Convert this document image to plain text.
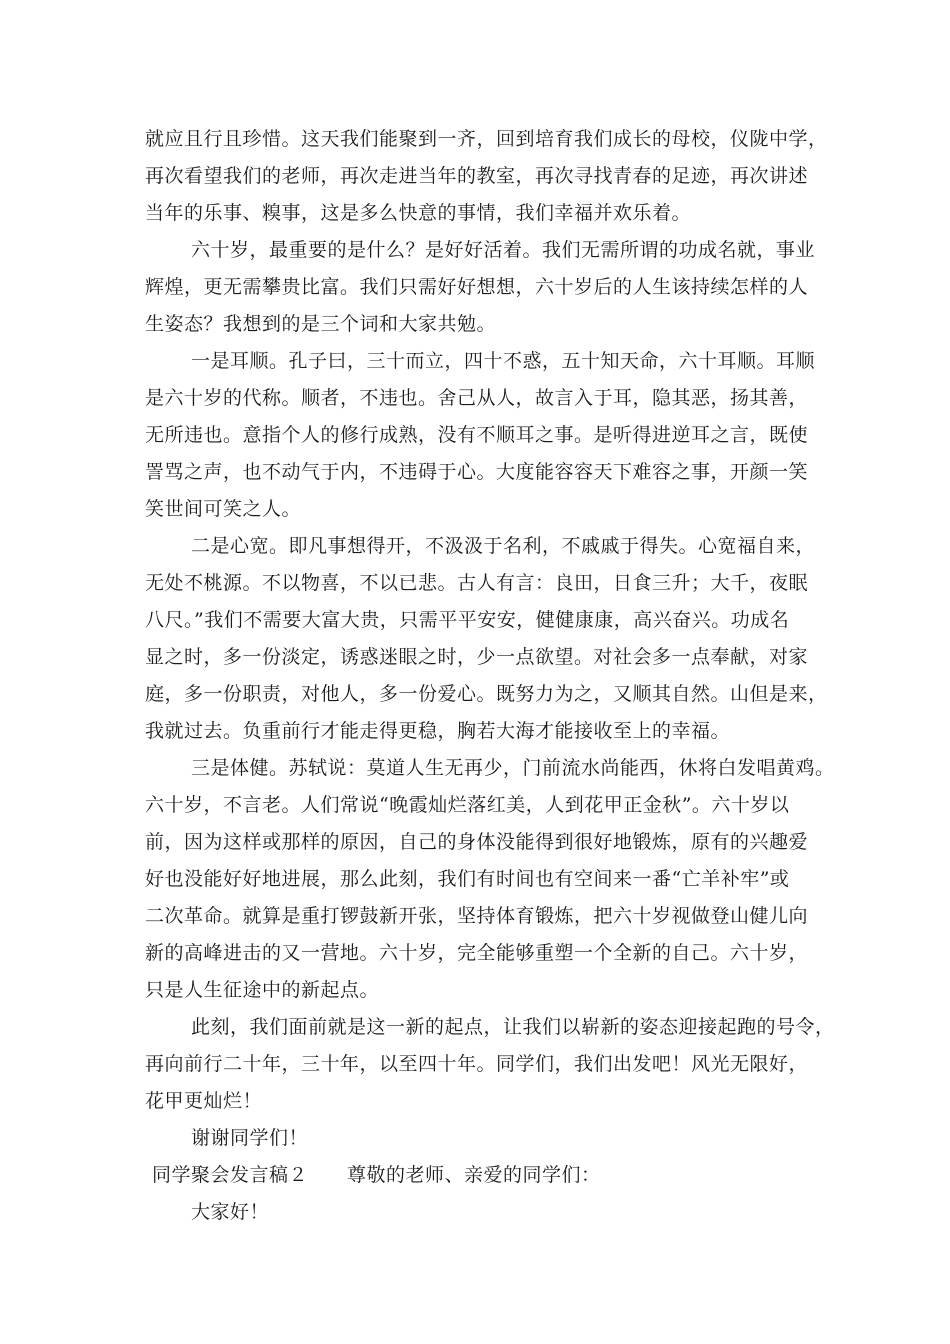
就应且行且珍惜。这天我们能聚到一齐，回到培育我们成长的母校，仪陇中学，
再次看望我们的老师，再次走进当年的教室，再次寻找青春的足迹，再次讲述
当年的乐事、糗事，这是多么快意的事情，我们幸福并欢乐着。
六十岁，最重要的是什么？是好好活着。我们无需所谓的功成名就，事业
辉煌，更无需攀贵比富。我们只需好好想想，六十岁后的人生该持续怎样的人
生姿态？我想到的是三个词和大家共勉。
一是耳顺。孔子曰，三十而立，四十不惑，五十知天命，六十耳顺。耳顺
是六十岁的代称。顺者，不违也。舍己从人，故言入于耳，隐其恶，扬其善，
无所违也。意指个人的修行成熟，没有不顺耳之事。是听得进逆耳之言，既使
詈骂之声，也不动气于内，不违碍于心。大度能容容天下难容之事，开颜一笑
笑世间可笑之人。
二是心宽。即凡事想得开，不汲汲于名利，不戚戚于得失。心宽福自来，
无处不桃源。不以物喜，不以已悲。古人有言：良田，日食三升；大千，夜眠
八尺。”我们不需要大富大贵，只需平平安安，健健康康，高兴奋兴。功成名
显之时，多一份淡定，诱惑迷眼之时，少一点欲望。对社会多一点奉献，对家
庭，多一份职责，对他人，多一份爱心。既努力为之，又顺其自然。山但是来，
我就过去。负重前行才能走得更稳，胸若大海才能接收至上的幸福。
三是体健。苏轼说：莫道人生无再少，门前流水尚能西，休将白发唱黄鸡。
六十岁，不言老。人们常说“晚霞灿烂落红美，人到花甲正金秋”。六十岁以
前，因为这样或那样的原因，自己的身体没能得到很好地锻炼，原有的兴趣爱
好也没能好好地进展，那么此刻，我们有时间也有空间来一番“亡羊补牢”或
二次革命。就算是重打锣鼓新开张，坚持体育锻炼，把六十岁视做登山健儿向
新的高峰进击的又一营地。六十岁，完全能够重塑一个全新的自己。六十岁，
只是人生征途中的新起点。
此刻，我们面前就是这一新的起点，让我们以崭新的姿态迎接起跑的号令，
再向前行二十年，三十年，以至四十年。同学们，我们出发吧！风光无限好，
花甲更灿烂！
谢谢同学们！
同学聚会发言稿２　　尊敬的老师、亲爱的同学们：
大家好！
